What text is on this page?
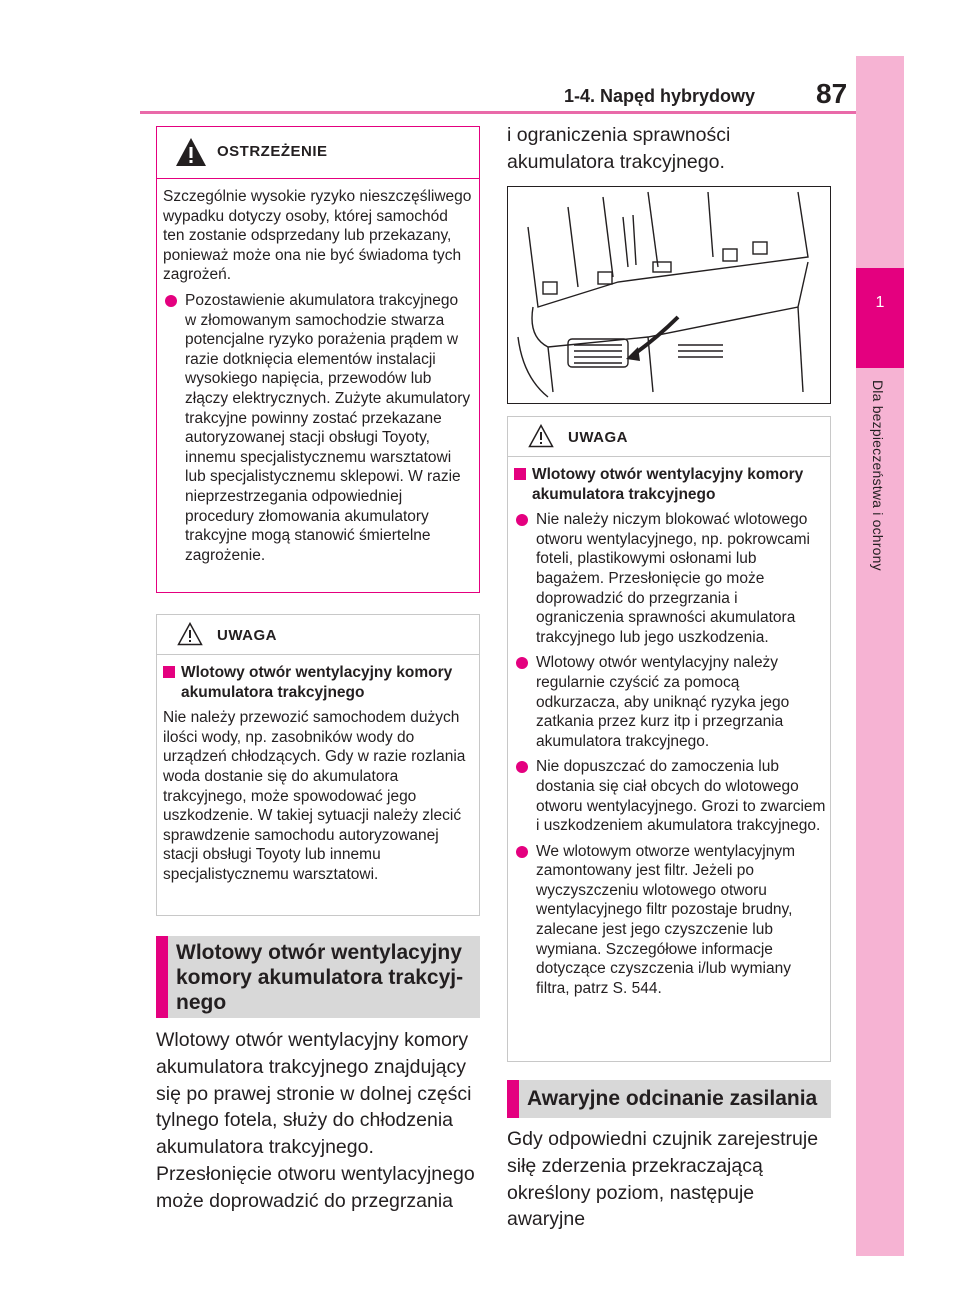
1-4. Napęd hybrydowy 87
1
Dla bezpieczeństwa i ochrony
OSTRZEŻENIE

Szczególnie wysokie ryzyko nieszczęśliwego wypadku dotyczy osoby, której samochód ten zostanie odsprzedany lub przekazany, ponieważ może ona nie być świadoma tych zagrożeń.

Pozostawienie akumulatora trakcyjnego w złomowanym samochodzie stwarza potencjalne ryzyko porażenia prądem w razie dotknięcia elementów instalacji wysokiego napięcia, przewodów lub złączy elektrycznych. Zużyte akumulatory trakcyjne powinny zostać przekazane autoryzowanej stacji obsługi Toyoty, innemu specjalistycznemu warsztatowi lub specjalistycznemu sklepowi. W razie nieprzestrzegania odpowiedniej procedury złomowania akumulatory trakcyjne mogą stanowić śmiertelne zagrożenie.

UWAGA
Wlotowy otwór wentylacyjny komory akumulatora trakcyjnego

Nie należy przewozić samochodem dużych ilości wody, np. zasobników wody do urządzeń chłodzących. Gdy w razie rozlania woda dostanie się do akumulatora trakcyjnego, może spowodować jego uszkodzenie. W takiej sytuacji należy zlecić sprawdzenie samochodu autoryzowanej stacji obsługi Toyoty lub innemu specjalistycznemu warsztatowi.

Wlotowy otwór wentylacyjny komory akumulatora trakcyj-nego
Wlotowy otwór wentylacyjny komory akumulatora trakcyjnego znajdujący się po prawej stronie w dolnej części tylnego fotela, służy do chłodzenia akumulatora trakcyjnego. Przesłonięcie otworu wentylacyjnego może doprowadzić do przegrzania
i ograniczenia sprawności akumulatora trakcyjnego.
UWAGA
Wlotowy otwór wentylacyjny komory akumulatora trakcyjnego

Nie należy niczym blokować wlotowego otworu wentylacyjnego, np. pokrowcami foteli, plastikowymi osłonami lub bagażem. Przesłonięcie go może doprowadzić do przegrzania i ograniczenia sprawności akumulatora trakcyjnego lub jego uszkodzenia.

Wlotowy otwór wentylacyjny należy regularnie czyścić za pomocą odkurzacza, aby uniknąć ryzyka jego zatkania przez kurz itp i przegrzania akumulatora trakcyjnego.

Nie dopuszczać do zamoczenia lub dostania się ciał obcych do wlotowego otworu wentylacyjnego. Grozi to zwarciem i uszkodzeniem akumulatora trakcyjnego.

We wlotowym otworze wentylacyjnym zamontowany jest filtr. Jeżeli po wyczyszczeniu wlotowego otworu wentylacyjnego filtr pozostaje brudny, zalecane jest jego czyszczenie lub wymiana. Szczegółowe informacje dotyczące czyszczenia i/lub wymiany filtra, patrz S. 544.

Awaryjne odcinanie zasilania
Gdy odpowiedni czujnik zarejestruje siłę zderzenia przekraczającą określony poziom, następuje awaryjne
